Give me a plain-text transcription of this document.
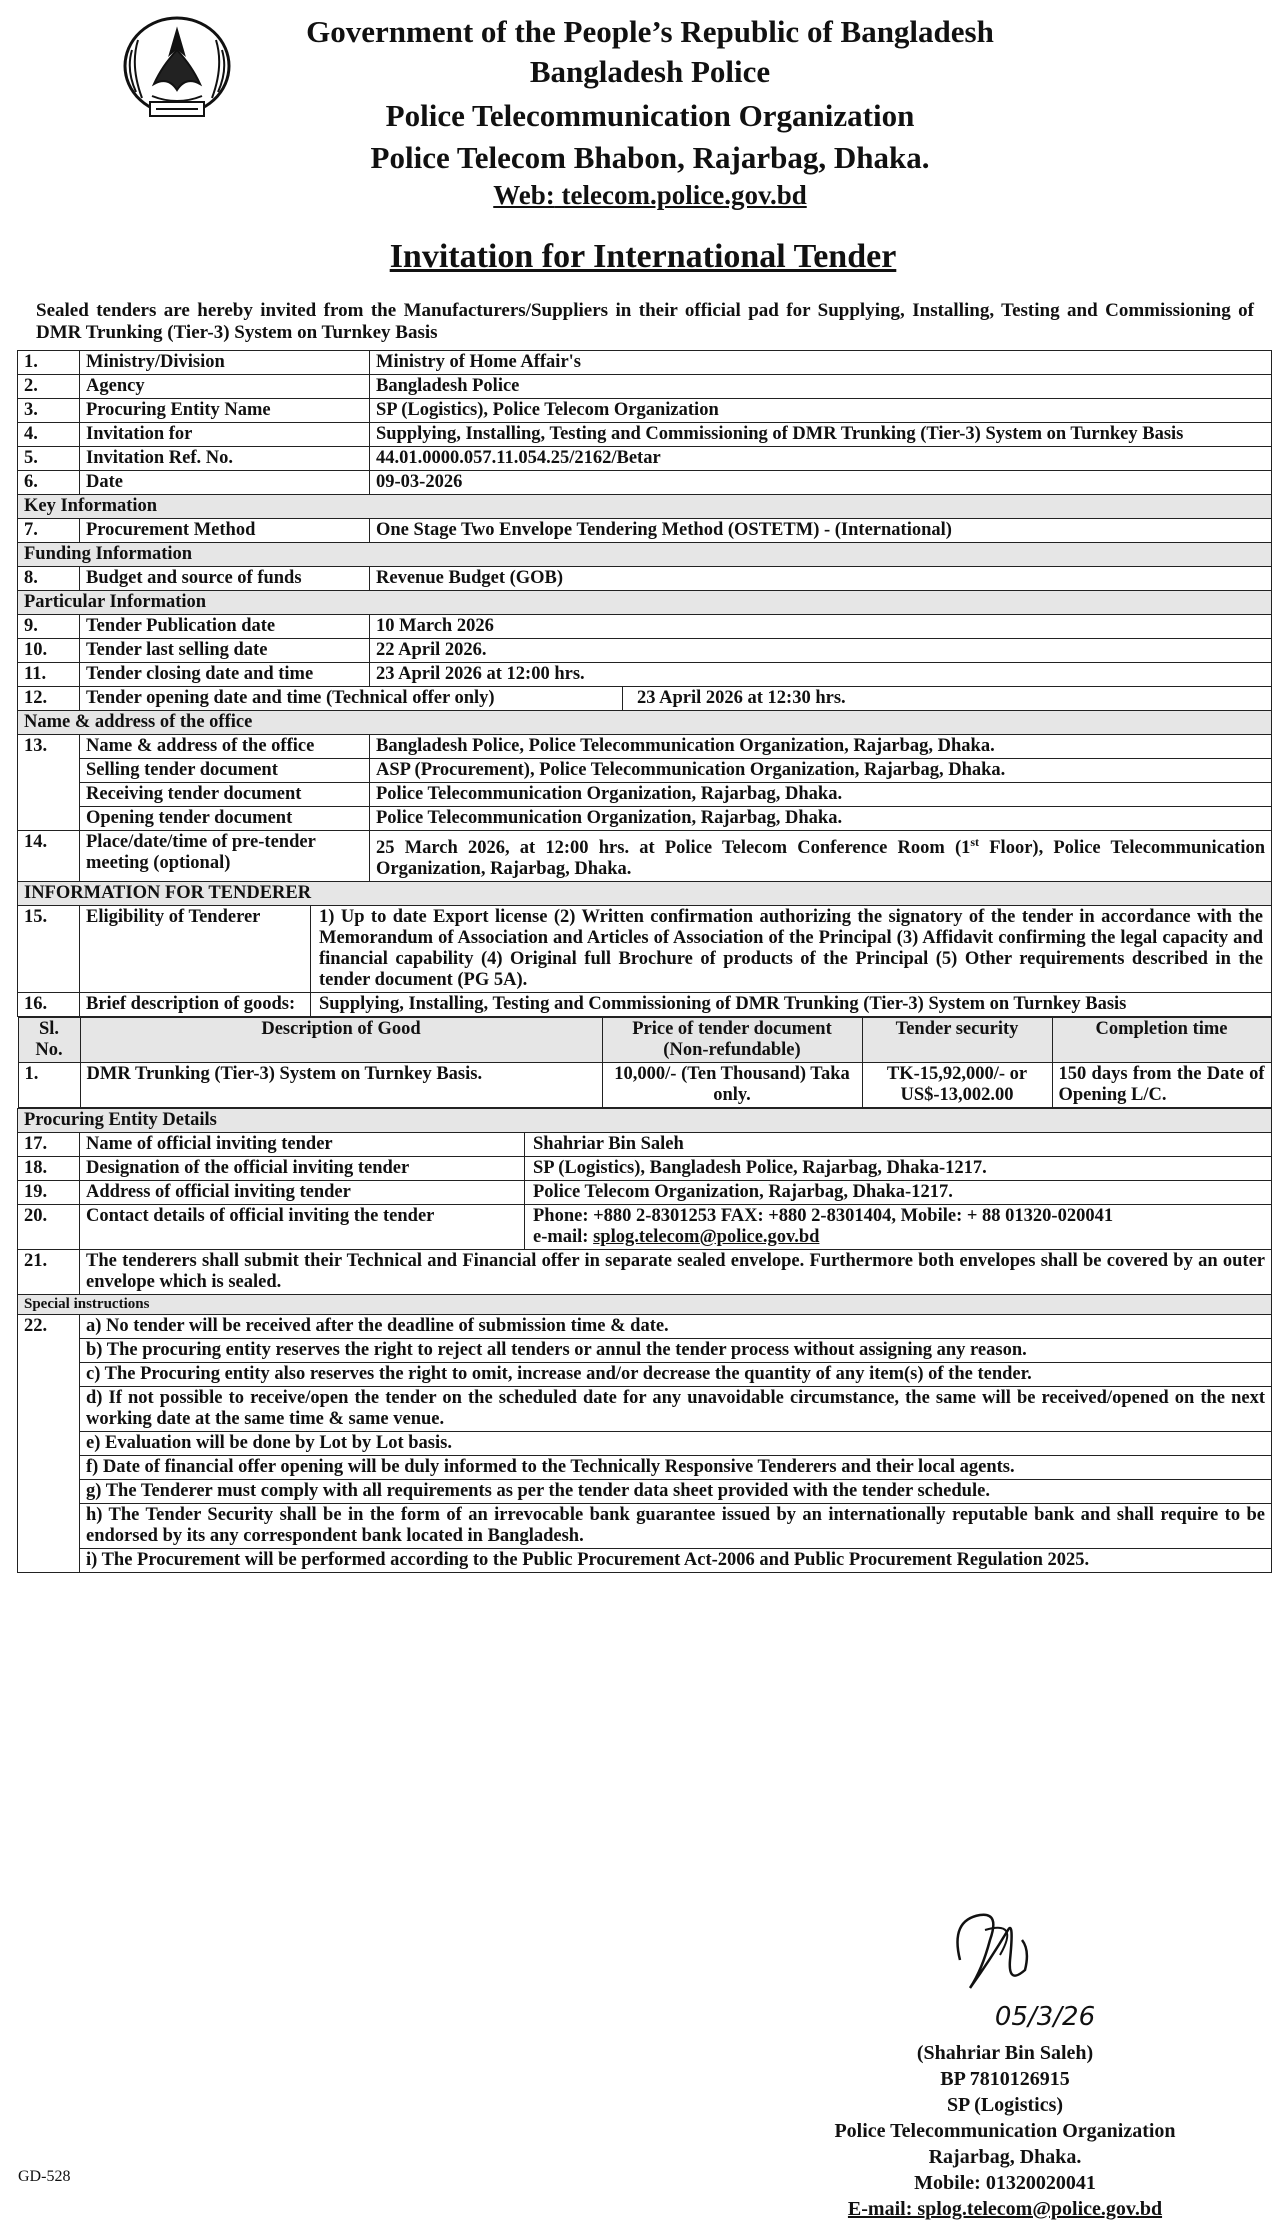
Government of the People’s Republic of Bangladesh
Bangladesh Police
Police Telecommunication Organization
Police Telecom Bhabon, Rajarbag, Dhaka.
Web: telecom.police.gov.bd
Invitation for International Tender
Sealed tenders are hereby invited from the Manufacturers/Suppliers in their official pad for Supplying, Installing, Testing and Commissioning of DMR Trunking (Tier-3) System on Turnkey Basis
1.	Ministry/Division	Ministry of Home Affair's
2.	Agency	Bangladesh Police
3.	Procuring Entity Name	SP (Logistics), Police Telecom Organization
4.	Invitation for	Supplying, Installing, Testing and Commissioning of DMR Trunking (Tier-3) System on Turnkey Basis
5.	Invitation Ref. No.	44.01.0000.057.11.054.25/2162/Betar
6.	Date	09-03-2026
Key Information
7.	Procurement Method	One Stage Two Envelope Tendering Method (OSTETM) - (International)
Funding Information
8.	Budget and source of funds	Revenue Budget (GOB)
Particular Information
9.	Tender Publication date	10 March 2026
10.	Tender last selling date	22 April 2026.
11.	Tender closing date and time	23 April 2026 at 12:00 hrs.
12.	Tender opening date and time (Technical offer only)	23 April 2026 at 12:30 hrs.

Name & address of the office
13.	Name & address of the office	Bangladesh Police, Police Telecommunication Organization, Rajarbag, Dhaka.
Selling tender document	ASP (Procurement), Police Telecommunication Organization, Rajarbag, Dhaka.
Receiving tender document	Police Telecommunication Organization, Rajarbag, Dhaka.
Opening tender document	Police Telecommunication Organization, Rajarbag, Dhaka.
14.	Place/date/time of pre-tender meeting (optional)	25 March 2026, at 12:00 hrs. at Police Telecom Conference Room (1st Floor), Police Telecommunication Organization, Rajarbag, Dhaka.
INFORMATION FOR TENDERER
15.	Eligibility of Tenderer	1) Up to date Export license (2) Written confirmation authorizing the signatory of the tender in accordance with the Memorandum of Association and Articles of Association of the Principal (3) Affidavit confirming the legal capacity and financial capability (4) Original full Brochure of products of the Principal (5) Other requirements described in the tender document (PG 5A).

16.	Brief description of goods:	Supplying, Installing, Testing and Commissioning of DMR Trunking (Tier-3) System on Turnkey Basis

Sl. No.	Description of Good	Price of tender document (Non-refundable)	Tender security	Completion time
1.	DMR Trunking (Tier-3) System on Turnkey Basis.	10,000/- (Ten Thousand) Taka only.	TK-15,92,000/- or US$-13,002.00	150 days from the Date of Opening L/C.

Procuring Entity Details
17.	Name of official inviting tender	Shahriar Bin Saleh

18.	Designation of the official inviting tender	SP (Logistics), Bangladesh Police, Rajarbag, Dhaka-1217.

19.	Address of official inviting tender	Police Telecom Organization, Rajarbag, Dhaka-1217.

20.	Contact details of official inviting the tender	Phone: +880 2-8301253 FAX: +880 2-8301404, Mobile: + 88 01320-020041
e-mail: splog.telecom@police.gov.bd

21.	The tenderers shall submit their Technical and Financial offer in separate sealed envelope. Furthermore both envelopes shall be covered by an outer envelope which is sealed.
Special instructions
22.	a) No tender will be received after the deadline of submission time & date.
b) The procuring entity reserves the right to reject all tenders or annul the tender process without assigning any reason.
c) The Procuring entity also reserves the right to omit, increase and/or decrease the quantity of any item(s) of the tender.
d) If not possible to receive/open the tender on the scheduled date for any unavoidable circumstance, the same will be received/opened on the next working date at the same time & same venue.
e) Evaluation will be done by Lot by Lot basis.
f) Date of financial offer opening will be duly informed to the Technically Responsive Tenderers and their local agents.
g) The Tenderer must comply with all requirements as per the tender data sheet provided with the tender schedule.
h) The Tender Security shall be in the form of an irrevocable bank guarantee issued by an internationally reputable bank and shall require to be endorsed by its any correspondent bank located in Bangladesh.
i) The Procurement will be performed according to the Public Procurement Act-2006 and Public Procurement Regulation 2025.
05/3/26
(Shahriar Bin Saleh)
BP 7810126915
SP (Logistics)
Police Telecommunication Organization
Rajarbag, Dhaka.
Mobile: 01320020041
E-mail: splog.telecom@police.gov.bd
GD-528
